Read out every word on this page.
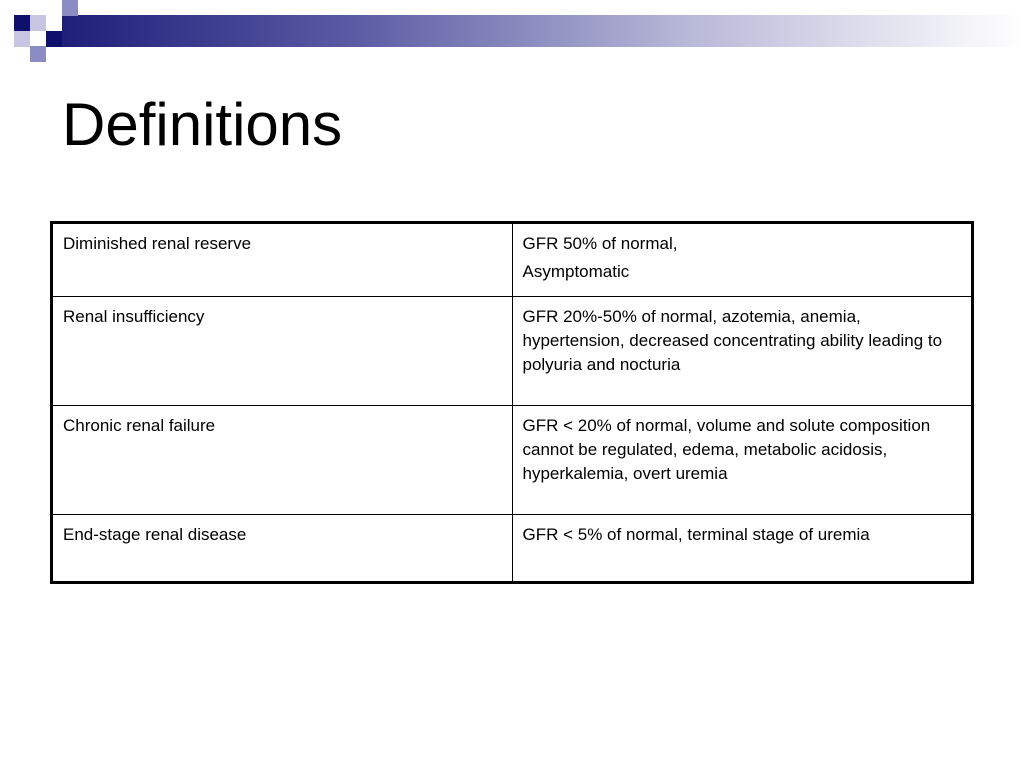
Definitions
Diminished renal reserve	GFR 50% of normal,
Asymptomatic

Renal insufficiency	GFR 20%-50% of normal, azotemia, anemia, hypertension, decreased concentrating ability leading to polyuria and nocturia

Chronic renal failure	GFR < 20% of normal, volume and solute composition cannot be regulated, edema, metabolic acidosis, hyperkalemia, overt uremia

End-stage renal disease	GFR < 5% of normal, terminal stage of uremia
